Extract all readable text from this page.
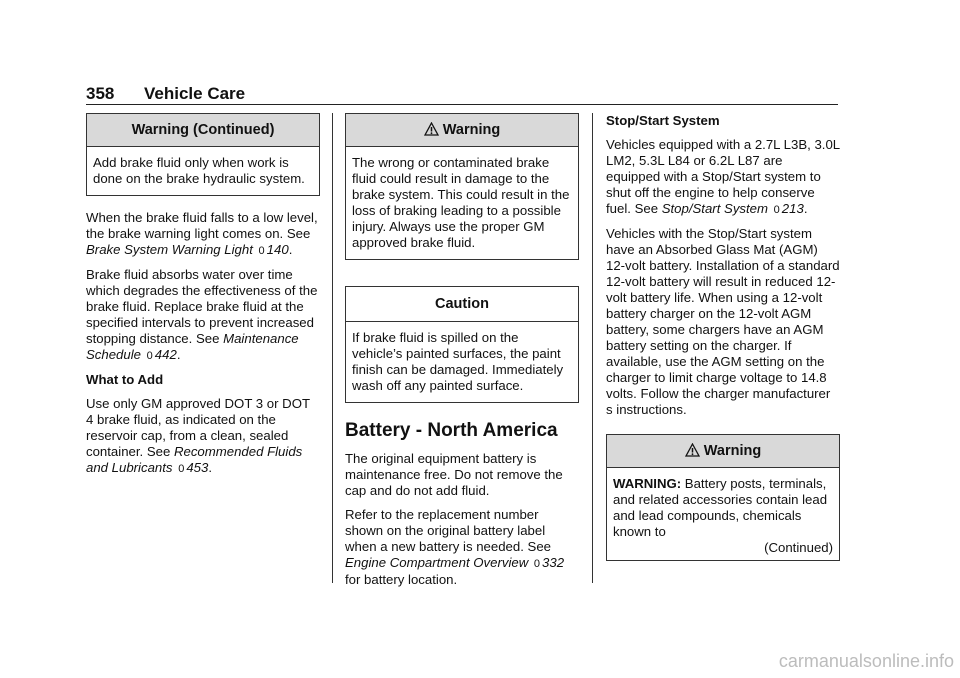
358 Vehicle Care
Warning (Continued)

Add brake fluid only when work is done on the brake hydraulic system.

When the brake fluid falls to a low level, the brake warning light comes on. See Brake System Warning Light 0 140.

Brake fluid absorbs water over time which degrades the effectiveness of the brake fluid. Replace brake fluid at the specified intervals to prevent increased stopping distance. See Maintenance Schedule 0 442.

What to Add

Use only GM approved DOT 3 or DOT 4 brake fluid, as indicated on the reservoir cap, from a clean, sealed container. See Recommended Fluids and Lubricants 0 453.

Warning

The wrong or contaminated brake fluid could result in damage to the brake system. This could result in the loss of braking leading to a possible injury. Always use the proper GM approved brake fluid.

Caution

If brake fluid is spilled on the vehicle’s painted surfaces, the paint finish can be damaged. Immediately wash off any painted surface.

Battery - North America

The original equipment battery is maintenance free. Do not remove the cap and do not add fluid.

Refer to the replacement number shown on the original battery label when a new battery is needed. See Engine Compartment Overview 0 332 for battery location.

Stop/Start System

Vehicles equipped with a 2.7L L3B, 3.0L LM2, 5.3L L84 or 6.2L L87 are equipped with a Stop/Start system to shut off the engine to help conserve fuel. See Stop/Start System 0 213.

Vehicles with the Stop/Start system have an Absorbed Glass Mat (AGM) 12-volt battery. Installation of a standard 12-volt battery will result in reduced 12-volt battery life. When using a 12-volt battery charger on the 12-volt AGM battery, some chargers have an AGM battery setting on the charger. If available, use the AGM setting on the charger to limit charge voltage to 14.8 volts. Follow the charger manufacturer s instructions.

Warning

WARNING: Battery posts, terminals, and related accessories contain lead and lead compounds, chemicals known to

(Continued)

carmanualsonline.info
